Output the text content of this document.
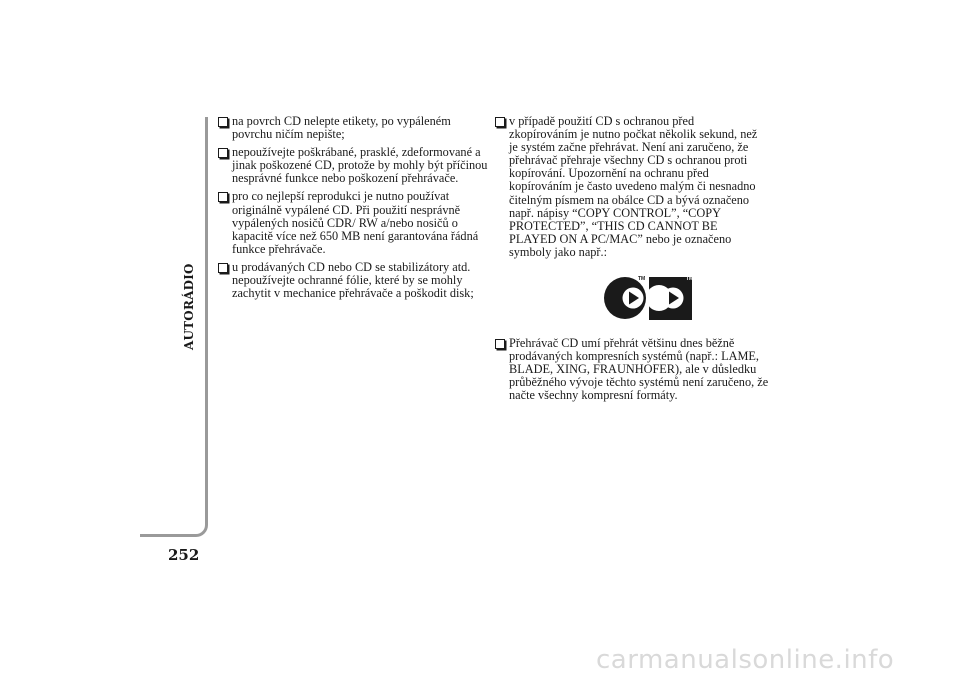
AUTORÁDIO
252
na povrch CD nelepte etikety, po vypáleném
povrchu ničím nepište;
nepoužívejte poškrábané, prasklé, zdeformované a
jinak poškozené CD, protože by mohly být příčinou
nesprávné funkce nebo poškození přehrávače.
pro co nejlepší reprodukci je nutno používat
originálně vypálené CD. Při použití nesprávně
vypálených nosičů CDR/ RW a/nebo nosičů o
kapacitě více než 650 MB není garantována řádná
funkce přehrávače.
u prodávaných CD nebo CD se stabilizátory atd.
nepoužívejte ochranné fólie, které by se mohly
zachytit v mechanice přehrávače a poškodit disk;
v případě použití CD s ochranou před
zkopírováním je nutno počkat několik sekund, než
je systém začne přehrávat. Není ani zaručeno, že
přehrávač přehraje všechny CD s ochranou proti
kopírování. Upozornění na ochranu před
kopírováním je často uvedeno malým či nesnadno
čitelným písmem na obálce CD a bývá označeno
např. nápisy “COPY CONTROL”, “COPY
PROTECTED”, “THIS CD CANNOT BE
PLAYED ON A PC/MAC” nebo je označeno
symboly jako např.:
TM	TM
Přehrávač CD umí přehrát většinu dnes běžně
prodávaných kompresních systémů (např.: LAME,
BLADE, XING, FRAUNHOFER), ale v důsledku
průběžného vývoje těchto systémů není zaručeno, že
načte všechny kompresní formáty.
carmanualsonline.info
